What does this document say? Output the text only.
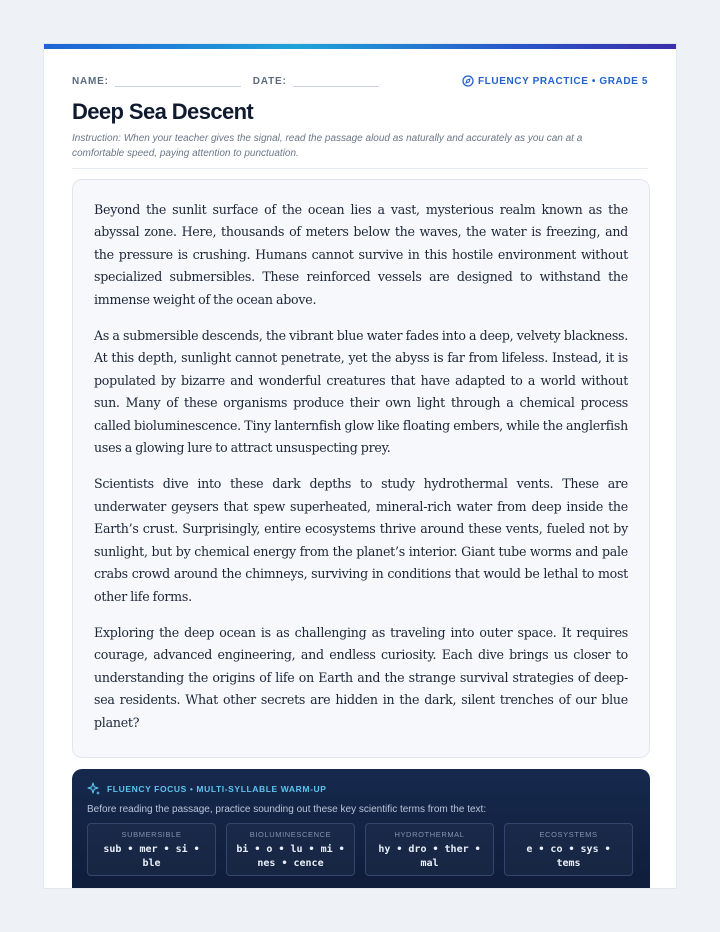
NAME:	DATE:	FLUENCY PRACTICE • GRADE 5
Deep Sea Descent
Instruction: When your teacher gives the signal, read the passage aloud as naturally and accurately as you can at a comfortable speed, paying attention to punctuation.

Beyond the sunlit surface of the ocean lies a vast, mysterious realm known as the abyssal zone. Here, thousands of meters below the waves, the water is freezing, and the pressure is crushing. Humans cannot survive in this hostile environment without specialized submersibles. These reinforced vessels are designed to withstand the immense weight of the ocean above.

As a submersible descends, the vibrant blue water fades into a deep, velvety blackness. At this depth, sunlight cannot penetrate, yet the abyss is far from lifeless. Instead, it is populated by bizarre and wonderful creatures that have adapted to a world without sun. Many of these organisms produce their own light through a chemical process called bioluminescence. Tiny lanternfish glow like floating embers, while the anglerfish uses a glowing lure to attract unsuspecting prey.

Scientists dive into these dark depths to study hydrothermal vents. These are underwater geysers that spew superheated, mineral-rich water from deep inside the Earth’s crust. Surprisingly, entire ecosystems thrive around these vents, fueled not by sunlight, but by chemical energy from the planet’s interior. Giant tube worms and pale crabs crowd around the chimneys, surviving in conditions that would be lethal to most other life forms.

Exploring the deep ocean is as challenging as traveling into outer space. It requires courage, advanced engineering, and endless curiosity. Each dive brings us closer to understanding the origins of life on Earth and the strange survival strategies of deep-sea residents. What other secrets are hidden in the dark, silent trenches of our blue planet?

FLUENCY FOCUS • MULTI-SYLLABLE WARM-UP
Before reading the passage, practice sounding out these key scientific terms from the text:
SUBMERSIBLE
sub • mer • si • ble
BIOLUMINESCENCE
bi • o • lu • mi • nes • cence
HYDROTHERMAL
hy • dro • ther • mal
ECOSYSTEMS
e • co • sys • tems
